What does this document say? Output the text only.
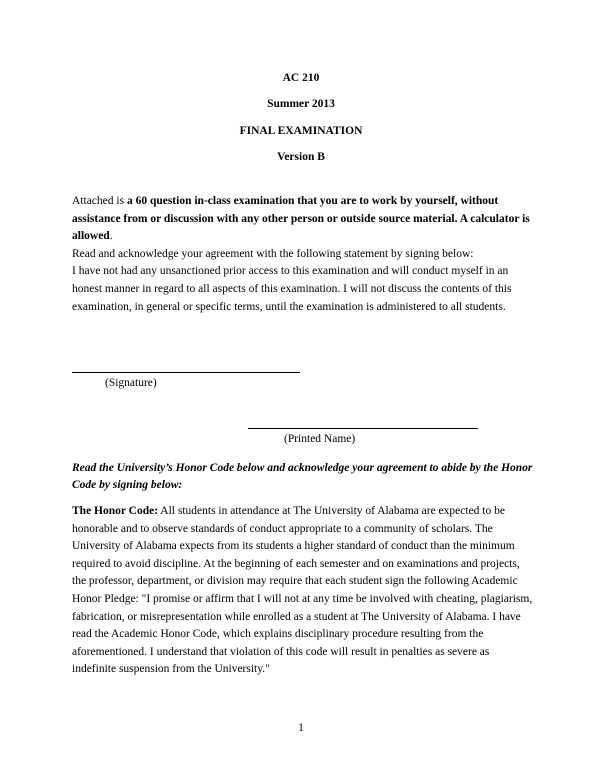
AC 210
Summer 2013
FINAL EXAMINATION
Version B
Attached is a 60 question in-class examination that you are to work by yourself, without assistance from or discussion with any other person or outside source material. A calculator is allowed.
Read and acknowledge your agreement with the following statement by signing below:
I have not had any unsanctioned prior access to this examination and will conduct myself in an honest manner in regard to all aspects of this examination. I will not discuss the contents of this examination, in general or specific terms, until the examination is administered to all students.
(Signature)
(Printed Name)
Read the University’s Honor Code below and acknowledge your agreement to abide by the Honor Code by signing below:
The Honor Code: All students in attendance at The University of Alabama are expected to be honorable and to observe standards of conduct appropriate to a community of scholars. The University of Alabama expects from its students a higher standard of conduct than the minimum required to avoid discipline. At the beginning of each semester and on examinations and projects, the professor, department, or division may require that each student sign the following Academic Honor Pledge: "I promise or affirm that I will not at any time be involved with cheating, plagiarism, fabrication, or misrepresentation while enrolled as a student at The University of Alabama. I have read the Academic Honor Code, which explains disciplinary procedure resulting from the aforementioned. I understand that violation of this code will result in penalties as severe as indefinite suspension from the University."
1
